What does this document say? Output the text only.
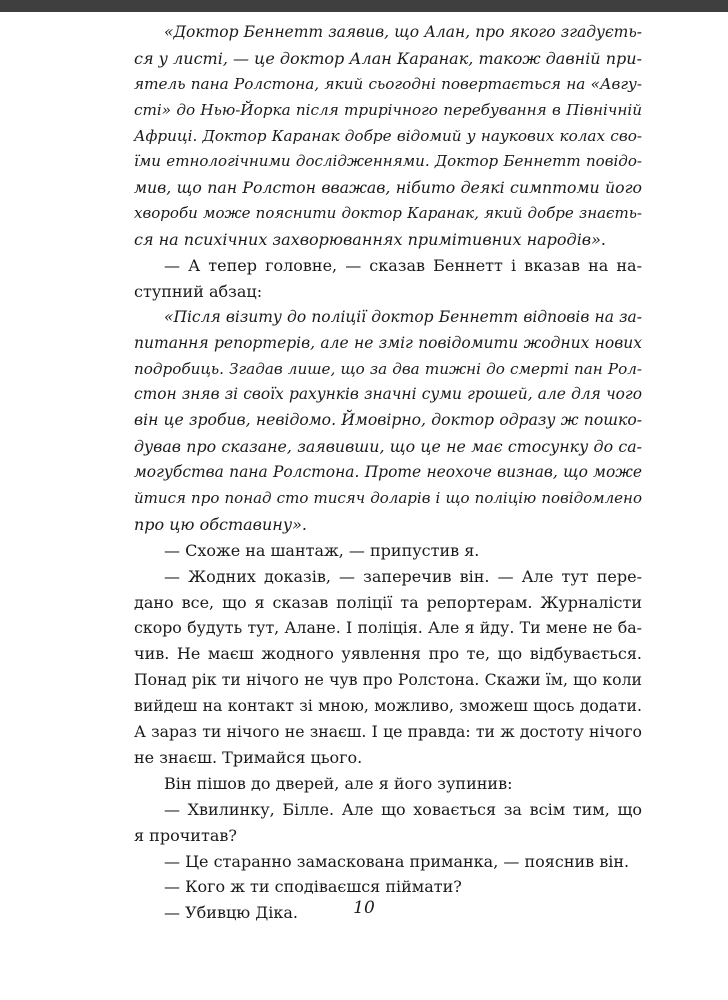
«Доктор Беннетт заявив, що Алан, про якого згадуєть-
ся у листі, — це доктор Алан Каранак, також давній при-
ятель пана Ролстона, який сьогодні повертається на «Авгу-
сті» до Нью-Йорка після трирічного перебування в Північній
Африці. Доктор Каранак добре відомий у наукових колах сво-
їми етнологічними дослідженнями. Доктор Беннетт повідо-
мив, що пан Ролстон вважав, нібито деякі симптоми його
хвороби може пояснити доктор Каранак, який добре знаєть-
ся на психічних захворюваннях примітивних народів».
— А тепер головне, — сказав Беннетт і вказав на на-
ступний абзац:
«Після візиту до поліції доктор Беннетт відповів на за-
питання репортерів, але не зміг повідомити жодних нових
подробиць. Згадав лише, що за два тижні до смерті пан Рол-
стон зняв зі своїх рахунків значні суми грошей, але для чого
він це зробив, невідомо. Ймовірно, доктор одразу ж пошко-
дував про сказане, заявивши, що це не має стосунку до са-
могубства пана Ролстона. Проте неохоче визнав, що може
йтися про понад сто тисяч доларів і що поліцію повідомлено
про цю обставину».
— Схоже на шантаж, — припустив я.
— Жодних доказів, — заперечив він. — Але тут пере-
дано все, що я сказав поліції та репортерам. Журналісти
скоро будуть тут, Алане. І поліція. Але я йду. Ти мене не ба-
чив. Не маєш жодного уявлення про те, що відбувається.
Понад рік ти нічого не чув про Ролстона. Скажи їм, що коли
вийдеш на контакт зі мною, можливо, зможеш щось додати.
А зараз ти нічого не знаєш. І це правда: ти ж достоту нічого
не знаєш. Тримайся цього.
Він пішов до дверей, але я його зупинив:
— Хвилинку, Білле. Але що ховається за всім тим, що
я прочитав?
— Це старанно замаскована приманка, — пояснив він.
— Кого ж ти сподіваєшся піймати?
— Убивцю Діка.	10
